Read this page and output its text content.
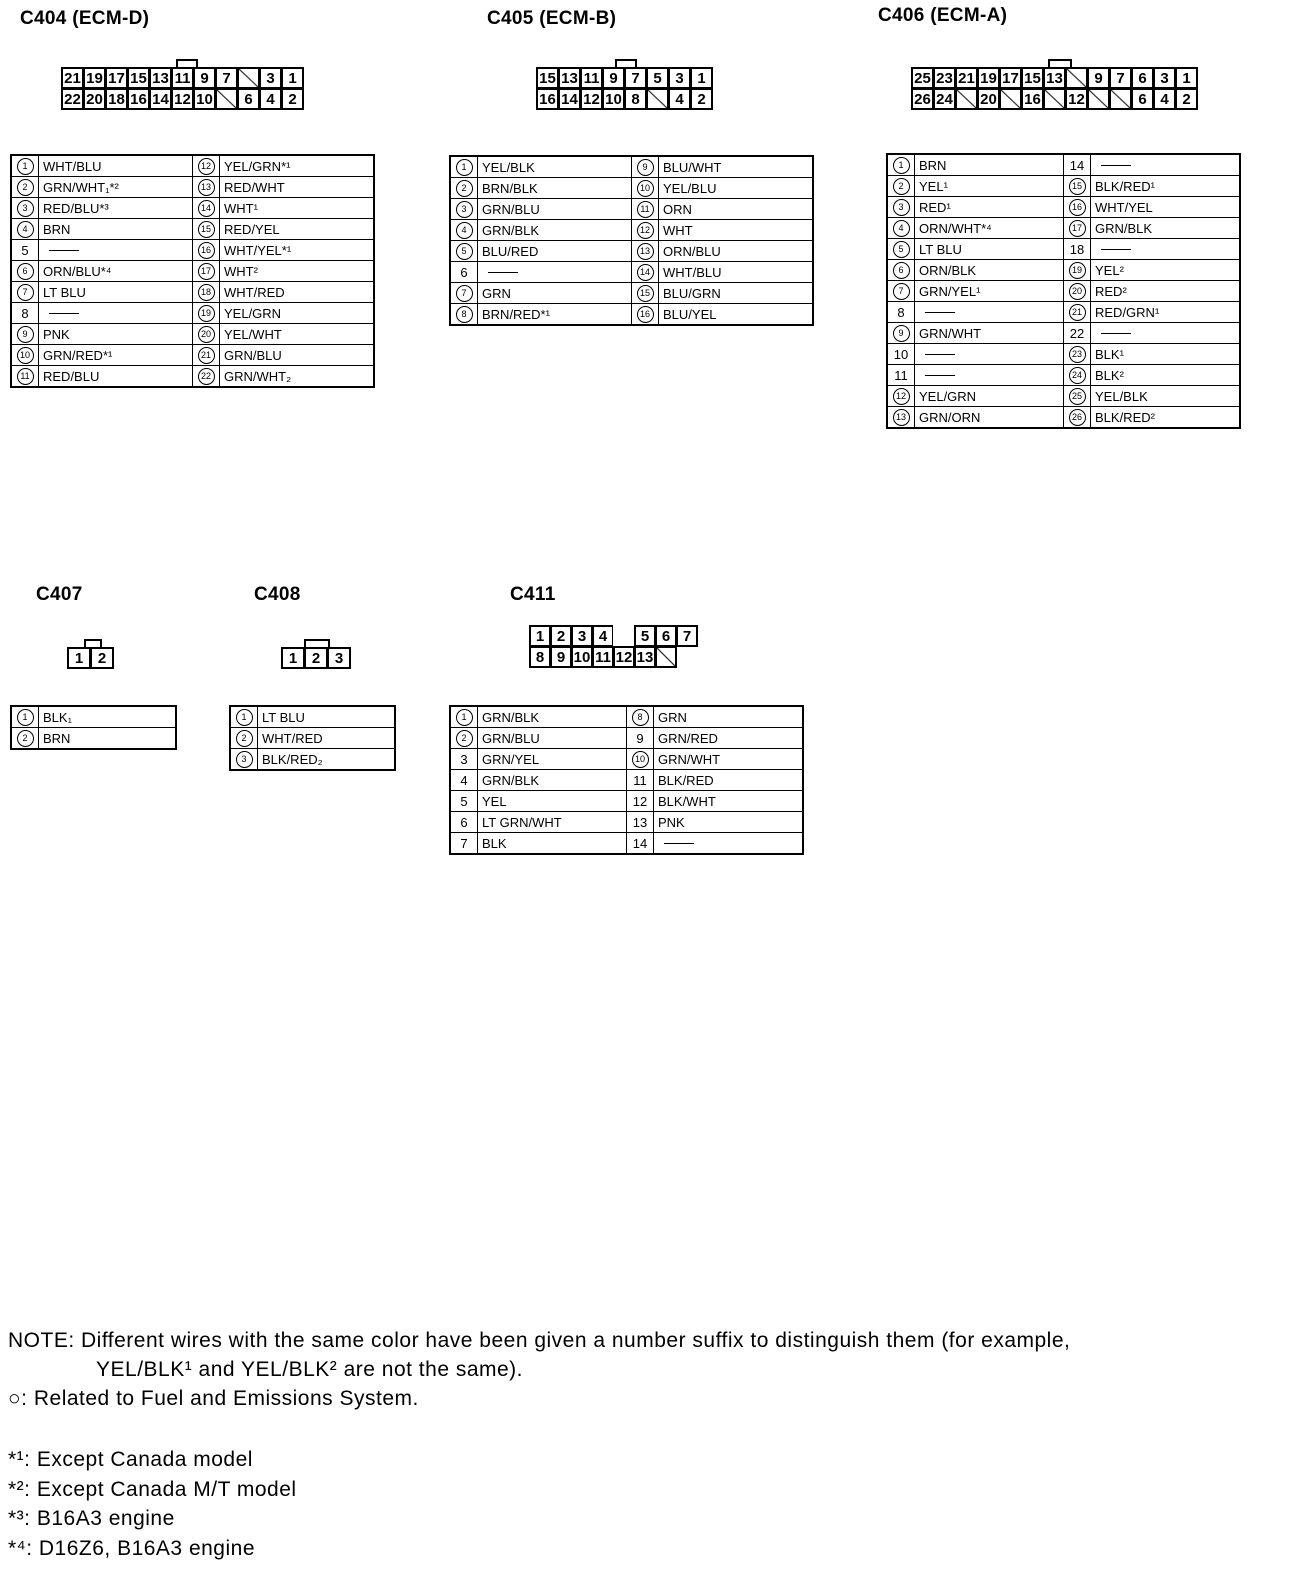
C404 (ECM-D)	C405 (ECM-B)	C406 (ECM-A)
C407	C408	C411
21 19 17 15 13 11 9 7	3 1
22 20 18 16 14 12 10	6 4 2
15 13 11 9 7 5 3 1
16 14 12 10 8	4 2
25 23 21 19 17 15 13	9 7 6 3 1
26 24 20 16 12	6 4 2
1 2	1 2 3
1 2 3 4	5 6 7
8 9 10 11 12 13
1	WHT/BLU	12	YEL/GRN*¹
2	GRN/WHT₁*²	13	RED/WHT
3	RED/BLU*³	14	WHT¹
4	BRN	15	RED/YEL
5		16	WHT/YEL*¹
6	ORN/BLU*⁴	17	WHT²
7	LT BLU	18	WHT/RED
8		19	YEL/GRN
9	PNK	20	YEL/WHT
10	GRN/RED*¹	21	GRN/BLU
11	RED/BLU	22	GRN/WHT₂
1	YEL/BLK	9	BLU/WHT
2	BRN/BLK	10	YEL/BLU
3	GRN/BLU	11	ORN
4	GRN/BLK	12	WHT
5	BLU/RED	13	ORN/BLU
6		14	WHT/BLU
7	GRN	15	BLU/GRN
8	BRN/RED*¹	16	BLU/YEL
1	BRN	14	
2	YEL¹	15	BLK/RED¹
3	RED¹	16	WHT/YEL
4	ORN/WHT*⁴	17	GRN/BLK
5	LT BLU	18	
6	ORN/BLK	19	YEL²
7	GRN/YEL¹	20	RED²
8		21	RED/GRN¹
9	GRN/WHT	22	
10		23	BLK¹
11		24	BLK²
12	YEL/GRN	25	YEL/BLK
13	GRN/ORN	26	BLK/RED²
1	BLK₁
2	BRN
1	LT BLU
2	WHT/RED
3	BLK/RED₂
1	GRN/BLK	8	GRN
2	GRN/BLU	9	GRN/RED
3	GRN/YEL	10	GRN/WHT
4	GRN/BLK	11	BLK/RED
5	YEL	12	BLK/WHT
6	LT GRN/WHT	13	PNK
7	BLK	14	
NOTE: Different wires with the same color have been given a number suffix to distinguish them (for example,
YEL/BLK¹ and YEL/BLK² are not the same).
○: Related to Fuel and Emissions System.
*¹: Except Canada model
*²: Except Canada M/T model
*³: B16A3 engine
*⁴: D16Z6, B16A3 engine
